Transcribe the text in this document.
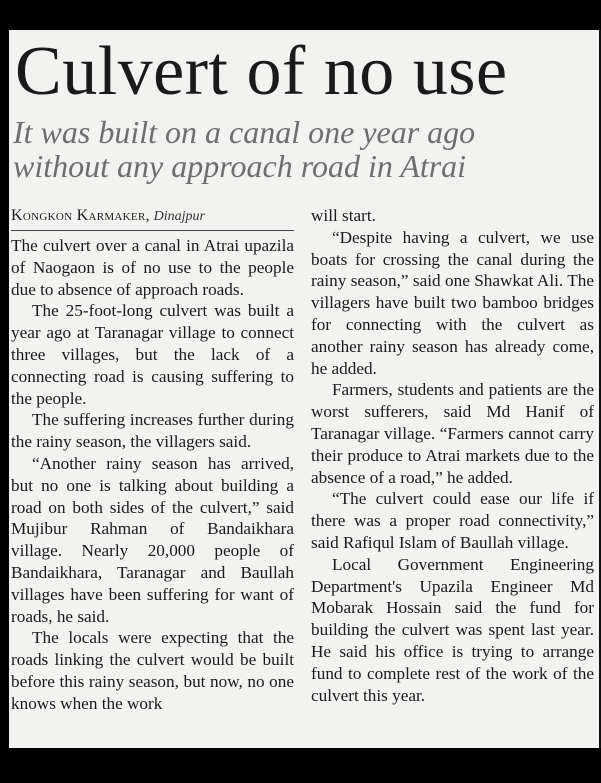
Culvert of no use
It was built on a canal one year ago
without any approach road in Atrai
Kongkon Karmaker, Dinajpur

The culvert over a canal in Atrai upazila of Naogaon is of no use to the people due to absence of approach roads.

The 25-foot-long culvert was built a year ago at Taranagar village to connect three villages, but the lack of a connecting road is causing suffering to the people.

The suffering increases further during the rainy season, the villagers said.

“Another rainy season has arrived, but no one is talking about building a road on both sides of the culvert,” said Mujibur Rahman of Bandaikhara village. Nearly 20,000 people of Bandaikhara, Taranagar and Baullah villages have been suffering for want of roads, he said.

The locals were expecting that the roads linking the culvert would be built before this rainy season, but now, no one knows when the work

will start.

“Despite having a culvert, we use boats for crossing the canal during the rainy season,” said one Shawkat Ali. The villagers have built two bamboo bridges for connecting with the culvert as another rainy season has already come, he added.

Farmers, students and patients are the worst sufferers, said Md Hanif of Taranagar village. “Farmers cannot carry their produce to Atrai markets due to the absence of a road,” he added.

“The culvert could ease our life if there was a proper road connectivity,” said Rafiqul Islam of Baullah village.

Local Government Engineering Department's Upazila Engineer Md Mobarak Hossain said the fund for building the culvert was spent last year. He said his office is trying to arrange fund to complete rest of the work of the culvert this year.
